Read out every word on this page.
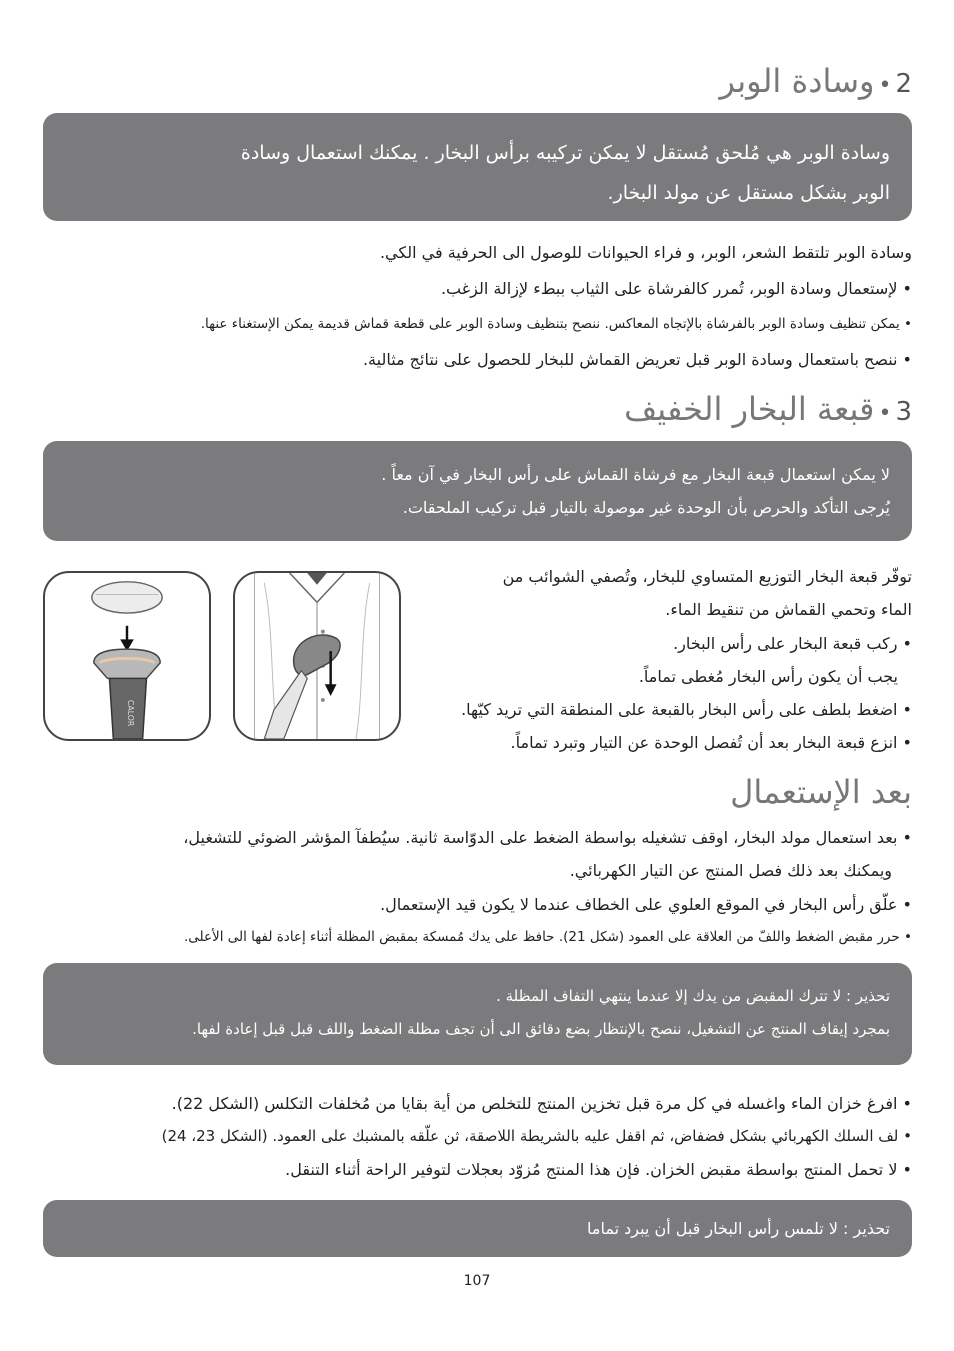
2•وسادة الوبر

وسادة الوبر هي مُلحق مُستقل لا يمكن تركيبه برأس البخار . يمكنك استعمال وسادة

الوبر بشكل مستقل عن مولد البخار.

وسادة الوبر تلتقط الشعر، الوبر، و فراء الحيوانات للوصول الى الحرفية في الكي.

• لإستعمال وسادة الوبر، تُمرر كالفرشاة على الثياب ببطء لإزالة الزغب.

• يمكن تنظيف وسادة الوبر بالفرشاة بالإتجاه المعاكس. ننصح بتنظيف وسادة الوبر على قطعة قماش قديمة يمكن الإستغناء عنها.

• ننصح باستعمال وسادة الوبر قبل تعريض القماش للبخار للحصول على نتائج مثالية.

3•قبعة البخار الخفيف

لا يمكن استعمال قبعة البخار مع فرشاة القماش على رأس البخار في آن معاً .

يُرجى التأكد والحرص بأن الوحدة غير موصولة بالتيار قبل تركيب الملحقات.

توفّر قبعة البخار التوزيع المتساوي للبخار، وتُصفي الشوائب من

الماء وتحمي القماش من تنقيط الماء.

• ركب قبعة البخار على رأس البخار.

يجب أن يكون رأس البخار مُغطى تماماً.

• اضغط بلطف على رأس البخار بالقبعة على المنطقة التي تريد كيّها.

• انزع قبعة البخار بعد أن تُفصل الوحدة عن التيار وتبرد تماماً.

CALOR
بعد الإستعمال

• بعد استعمال مولد البخار، اوقف تشغيله بواسطة الضغط على الدوّاسة ثانية. سيُطفآ المؤشر الضوئي للتشغيل،

ويمكنك بعد ذلك فصل المنتج عن التيار الكهربائي.

• علّق رأس البخار في الموقع العلوي على الخطاف عندما لا يكون قيد الإستعمال.

• حرر مقبض الضغط واللفّ من العلاقة على العمود (شكل 21). حافظ على يدك مُمسكة بمقبض المظلة أثناء إعادة لفها الى الأعلى.

تحذير : لا تترك المقبض من يدك إلا عندما ينتهي التفاف المظلة .

بمجرد إيقاف المنتج عن التشغيل، ننصح بالإنتظار بضع دقائق الى أن تجف مظلة الضغط واللف قبل قبل إعادة لفها.

• افرغ خزان الماء واغسله في كل مرة قبل تخزين المنتج للتخلص من أية بقايا من مُخلفات التكلس (الشكل 22).

• لف السلك الكهربائي بشكل فضفاض، ثم اقفل عليه بالشريطة اللاصقة، ثن علّقه بالمشبك على العمود. (الشكل 23، 24)

• لا تحمل المنتج بواسطة مقبض الخزان. فإن هذا المنتج مُزوّد بعجلات لتوفير الراحة أثناء التنقل.

تحذير : لا تلمس رأس البخار قبل أن يبرد تماما

107
